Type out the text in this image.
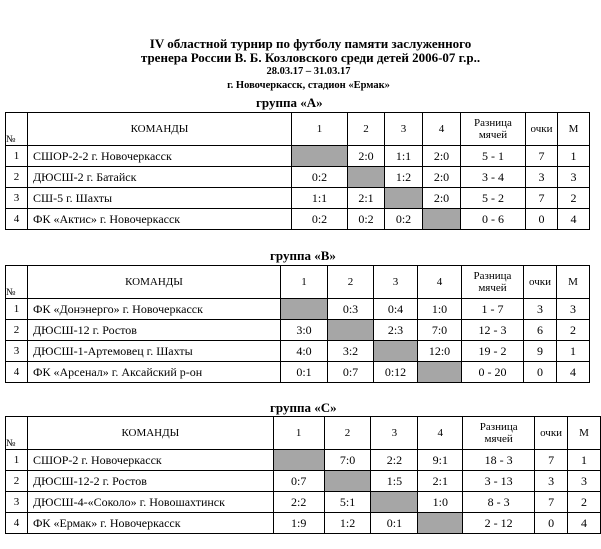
IV областной турнир по футболу памяти заслуженного
тренера России В. Б. Козловского среди детей 2006-07 г.р..
28.03.17 – 31.03.17
г. Новочеркасск, стадион «Ермак»
группа «А»
№	КОМАНДЫ	1	2	3	4	Разница
мячей	очки	М
1	СШОР-2-2 г. Новочеркасск		2:0	1:1	2:0	5 - 1	7	1
2	ДЮСШ-2 г. Батайск	0:2		1:2	2:0	3 - 4	3	3
3	СШ-5 г. Шахты	1:1	2:1		2:0	5 - 2	7	2
4	ФК «Актис» г. Новочеркасск	0:2	0:2	0:2		0 - 6	0	4
группа «В»
№	КОМАНДЫ	1	2	3	4	Разница
мячей	очки	М
1	ФК «Донэнерго» г. Новочеркасск		0:3	0:4	1:0	1 - 7	3	3
2	ДЮСШ-12 г. Ростов	3:0		2:3	7:0	12 - 3	6	2
3	ДЮСШ-1-Артемовец г. Шахты	4:0	3:2		12:0	19 - 2	9	1
4	ФК «Арсенал» г. Аксайский р-он	0:1	0:7	0:12		0 - 20	0	4
группа «С»
№	КОМАНДЫ	1	2	3	4	Разница
мячей	очки	М
1	СШОР-2 г. Новочеркасск		7:0	2:2	9:1	18 - 3	7	1
2	ДЮСШ-12-2 г. Ростов	0:7		1:5	2:1	3 - 13	3	3
3	ДЮСШ-4-«Соколо» г. Новошахтинск	2:2	5:1		1:0	8 - 3	7	2
4	ФК «Ермак» г. Новочеркасск	1:9	1:2	0:1		2 - 12	0	4
